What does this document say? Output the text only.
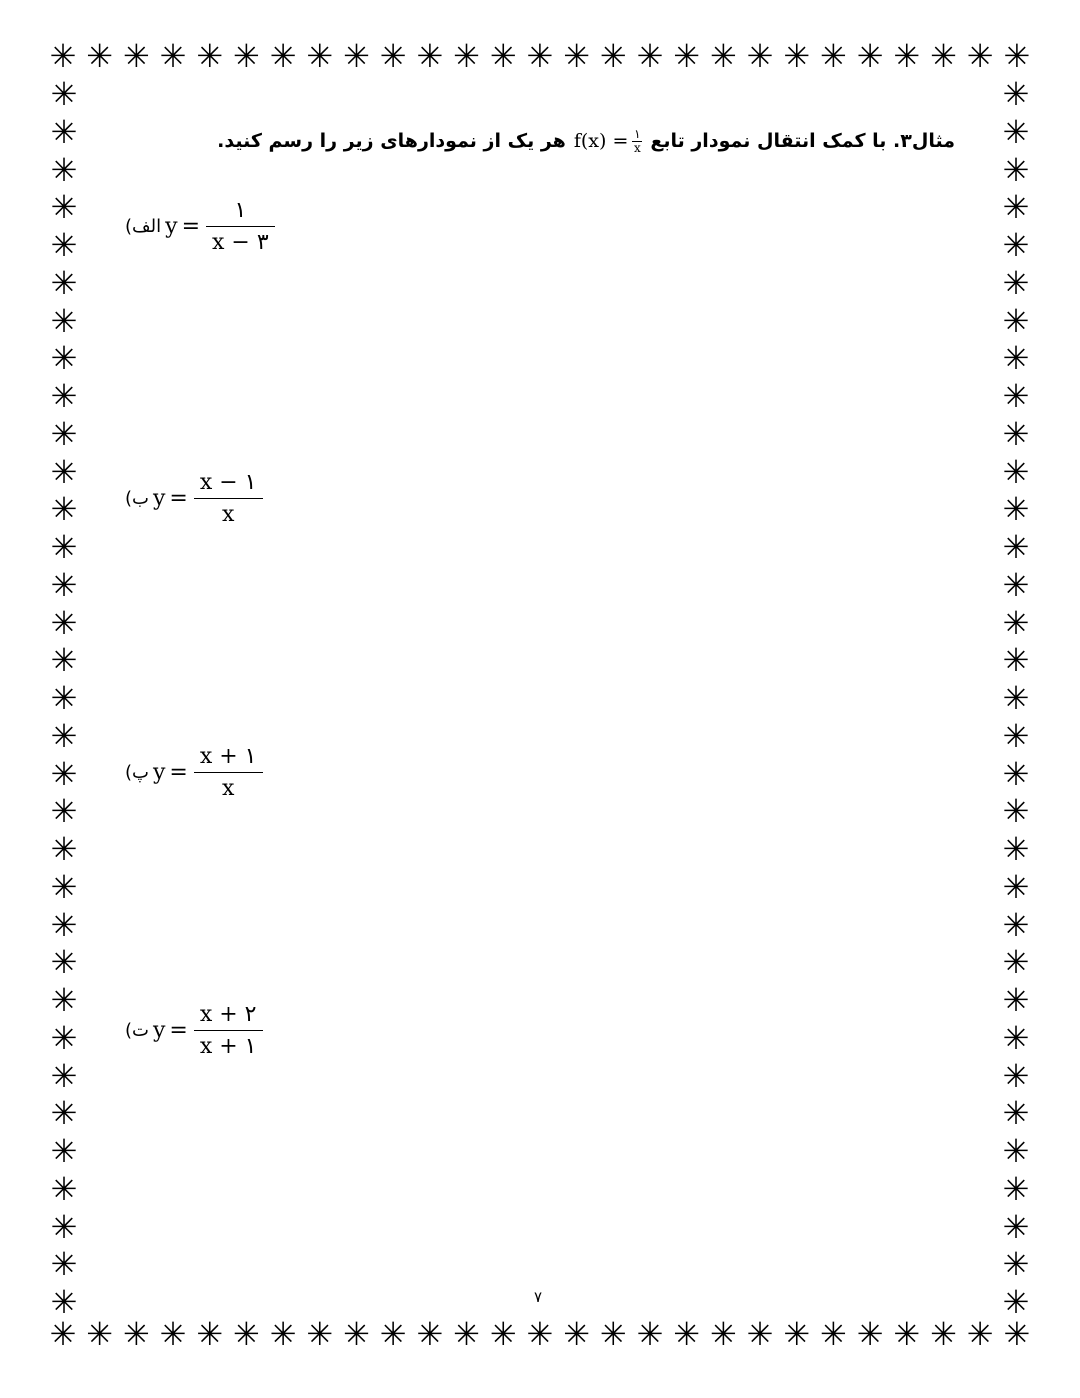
✳ ✳ ✳ ✳ ✳ ✳ ✳ ✳ ✳ ✳ ✳ ✳ ✳ ✳ ✳ ✳ ✳ ✳ ✳ ✳ ✳ ✳ ✳ ✳ ✳ ✳ ✳
✳ ✳ ✳ ✳ ✳ ✳ ✳ ✳ ✳ ✳ ✳ ✳ ✳ ✳ ✳ ✳ ✳ ✳ ✳ ✳ ✳ ✳ ✳ ✳ ✳ ✳ ✳
✳
✳
✳
✳
✳
✳
✳
✳
✳
✳
✳
✳
✳
✳
✳
✳
✳
✳
✳
✳
✳
✳
✳
✳
✳
✳
✳
✳
✳
✳
✳
✳
✳
✳
✳
✳
✳
✳
✳
✳
✳
✳
✳
✳
✳
✳
✳
✳
✳
✳
✳
✳
✳
✳
✳
✳
✳
✳
✳
✳
✳
✳
✳
✳
✳
✳
مثال۳. با کمک انتقال نمودار تابع
$f(x) = \frac{۱}{x}$
هر یک از نمودارهای زیر را رسم کنید.
(الف $y = \frac{۱}{x - ۳}$
(ب $y = \frac{x - ۱}{x}$
(پ $y = \frac{x + ۱}{x}$
(ت $y = \frac{x + ۲}{x + ۱}$
۷
